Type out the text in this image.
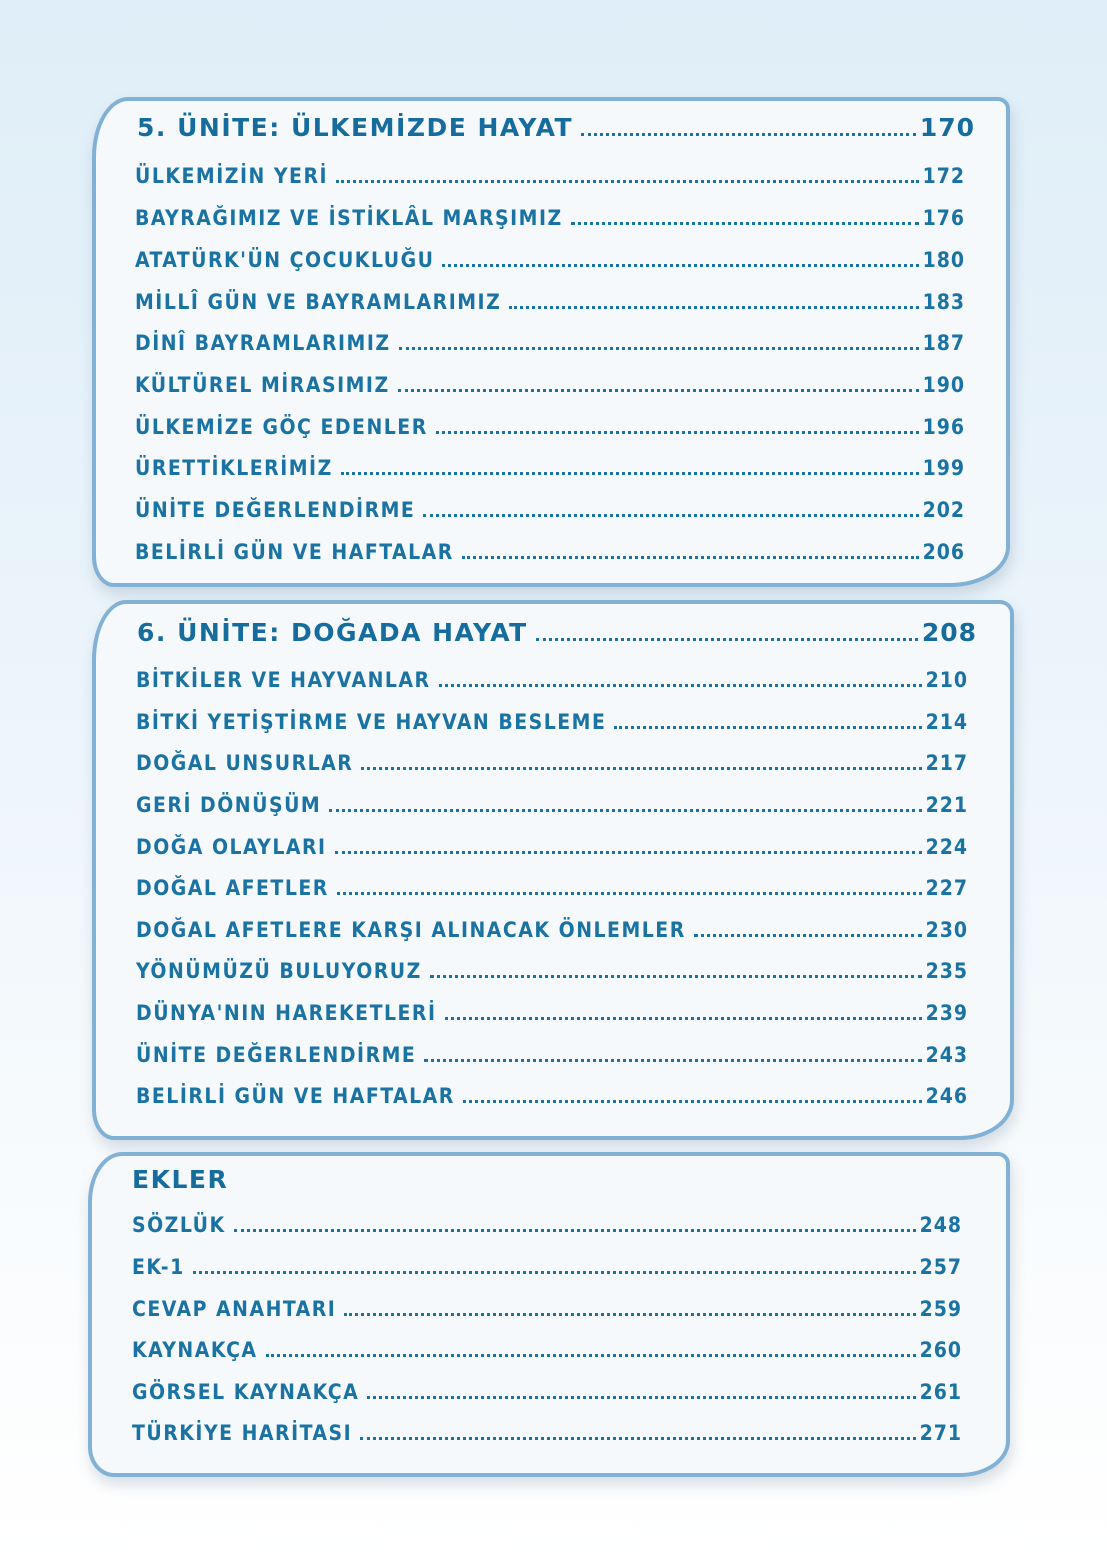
5. ÜNİTE: ÜLKEMİZDE HAYAT	170
ÜLKEMİZİN YERİ	172
BAYRAĞIMIZ VE İSTİKLÂL MARŞIMIZ	176
ATATÜRK'ÜN ÇOCUKLUĞU	180
MİLLÎ GÜN VE BAYRAMLARIMIZ	183
DİNÎ BAYRAMLARIMIZ	187
KÜLTÜREL MİRASIMIZ	190
ÜLKEMİZE GÖÇ EDENLER	196
ÜRETTİKLERİMİZ	199
ÜNİTE DEĞERLENDİRME	202
BELİRLİ GÜN VE HAFTALAR	206
6. ÜNİTE: DOĞADA HAYAT	208
BİTKİLER VE HAYVANLAR	210
BİTKİ YETİŞTİRME VE HAYVAN BESLEME	214
DOĞAL UNSURLAR	217
GERİ DÖNÜŞÜM	221
DOĞA OLAYLARI	224
DOĞAL AFETLER	227
DOĞAL AFETLERE KARŞI ALINACAK ÖNLEMLER	230
YÖNÜMÜZÜ BULUYORUZ	235
DÜNYA'NIN HAREKETLERİ	239
ÜNİTE DEĞERLENDİRME	243
BELİRLİ GÜN VE HAFTALAR	246
EKLER
SÖZLÜK	248
EK-1	257
CEVAP ANAHTARI	259
KAYNAKÇA	260
GÖRSEL KAYNAKÇA	261
TÜRKİYE HARİTASI	271
